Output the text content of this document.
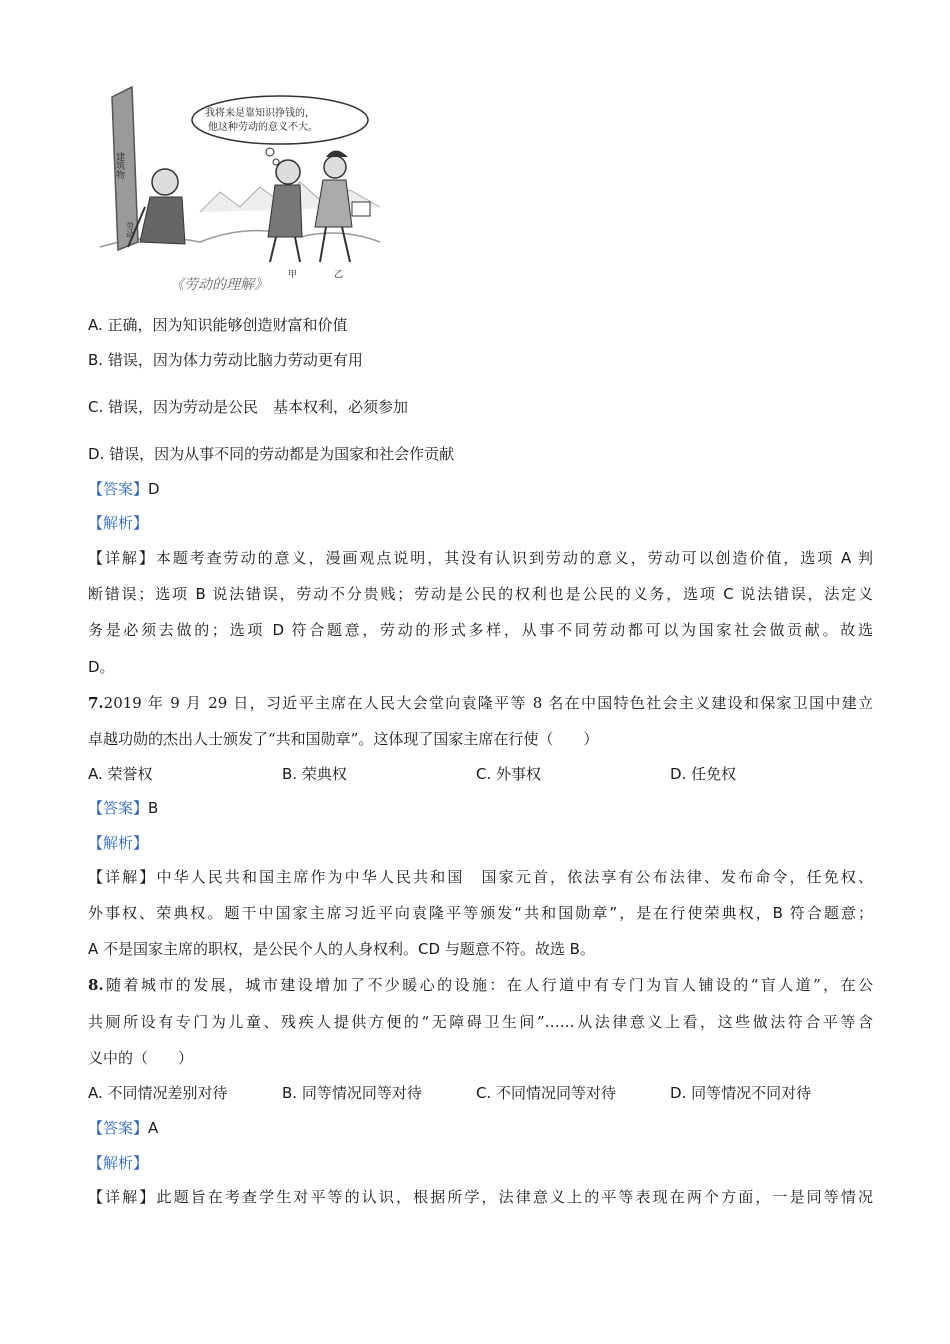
建筑物
我将来是靠知识挣钱的，
他这种劳动的意义不大。
劳动
甲	乙
《劳动的理解》
A. 正确，因为知识能够创造财富和价值
B. 错误，因为体力劳动比脑力劳动更有用
C. 错误，因为劳动是公民　基本权利，必须参加
D. 错误，因为从事不同的劳动都是为国家和社会作贡献
【答案】D
【解析】
【详解】本题考查劳动的意义，漫画观点说明，其没有认识到劳动的意义，劳动可以创造价值，选项 A 判
断错误；选项 B 说法错误，劳动不分贵贱；劳动是公民的权利也是公民的义务，选项 C 说法错误，法定义
务是必须去做的；选项 D 符合题意，劳动的形式多样，从事不同劳动都可以为国家社会做贡献。故选
D。
7.2019 年 9 月 29 日，习近平主席在人民大会堂向袁隆平等 8 名在中国特色社会主义建设和保家卫国中建立
卓越功勋的杰出人士颁发了“共和国勋章”。这体现了国家主席在行使（　　）
A. 荣誉权	B. 荣典权	C. 外事权	D. 任免权
【答案】B
【解析】
【详解】中华人民共和国主席作为中华人民共和国　国家元首，依法享有公布法律、发布命令，任免权、
外事权、荣典权。题干中国家主席习近平向袁隆平等颁发“共和国勋章”，是在行使荣典权，B 符合题意；
A 不是国家主席的职权，是公民个人的人身权利。CD 与题意不符。故选 B。
8.随着城市的发展，城市建设增加了不少暖心的设施：在人行道中有专门为盲人铺设的“盲人道”，在公
共厕所设有专门为儿童、残疾人提供方便的“无障碍卫生间”……从法律意义上看，这些做法符合平等含
义中的（　　）
A. 不同情况差别对待	B. 同等情况同等对待	C. 不同情况同等对待	D. 同等情况不同对待
【答案】A
【解析】
【详解】此题旨在考查学生对平等的认识，根据所学，法律意义上的平等表现在两个方面，一是同等情况
